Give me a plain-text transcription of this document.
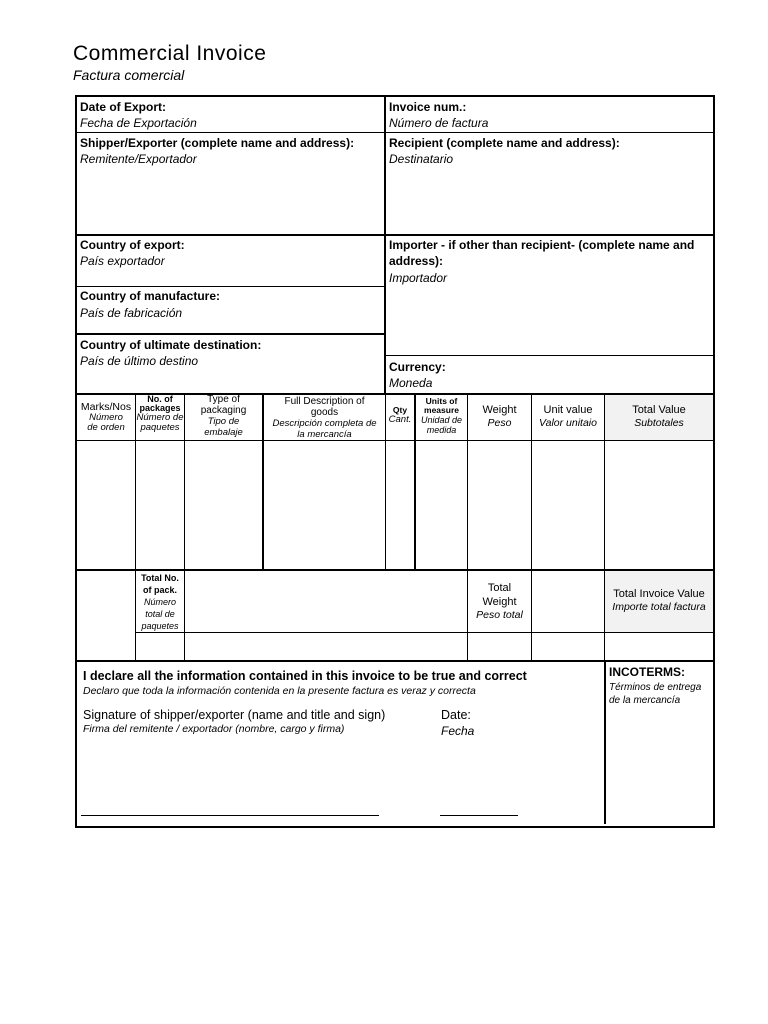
Commercial Invoice
Factura comercial
Date of Export:
Fecha de Exportación
Invoice num.:
Número de factura
Shipper/Exporter (complete name and address):
Remitente/Exportador
Recipient (complete name and address):
Destinatario
Country of export:
País exportador
Importer - if other than recipient- (complete name and address):
Importador
Country of manufacture:
País de fabricación
Country of ultimate destination:
País de último destino	Currency:
Moneda
Marks/Nos
Número de orden
No. of packages
Número de paquetes
Type of packaging
Tipo de embalaje
Full Description of goods
Descripción completa de la mercancía
Qty
Cant.
Units of measure
Unidad de medida
Weight
Peso
Unit value
Valor unitaio
Total Value
Subtotales
Total No. of pack.
Número total de paquetes
Total Weight
Peso total
Total Invoice Value
Importe total factura
I declare all the information contained in this invoice to be true and correct
Declaro que toda la información contenida en la presente factura es veraz y correcta
Signature of shipper/exporter (name and title and sign)
Firma del remitente / exportador (nombre, cargo y firma)
Date:
Fecha
INCOTERMS:
Términos de entrega de la mercancía
